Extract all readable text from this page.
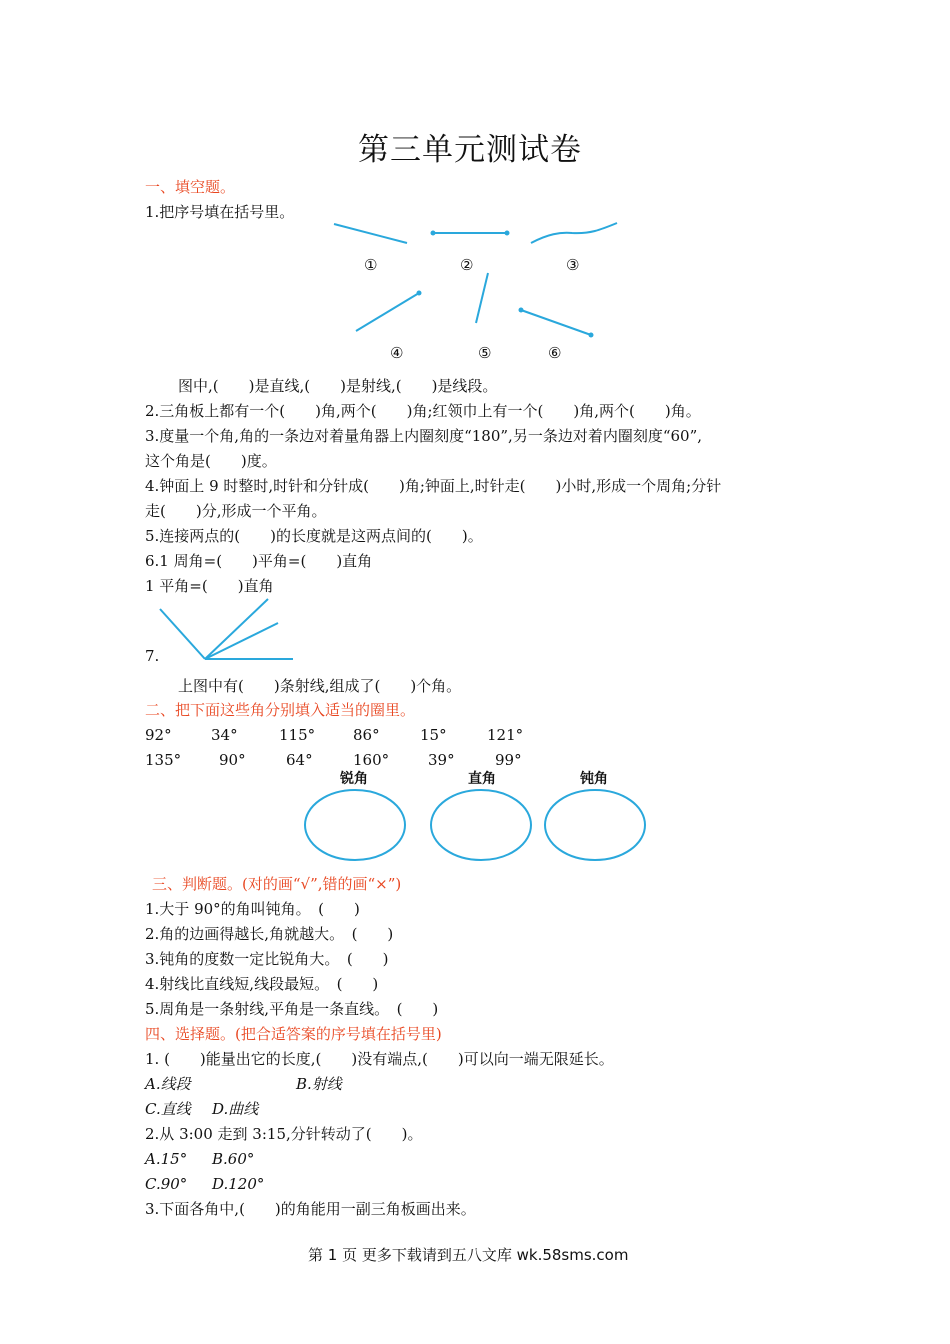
第三单元测试卷
一、填空题。
1.把序号填在括号里。
①	②	③
④	⑤	⑥
图中,(　　)是直线,(　　)是射线,(　　)是线段。
2.三角板上都有一个(　　)角,两个(　　)角;红领巾上有一个(　　)角,两个(　　)角。
3.度量一个角,角的一条边对着量角器上内圈刻度“180”,另一条边对着内圈刻度“60”,
这个角是(　　)度。
4.钟面上 9 时整时,时针和分针成(　　)角;钟面上,时针走(　　)小时,形成一个周角;分针
走(　　)分,形成一个平角。
5.连接两点的(　　)的长度就是这两点间的(　　)。
6.1 周角=(　　)平角=(　　)直角
1 平角=(　　)直角
7.
上图中有(　　)条射线,组成了(　　)个角。
二、把下面这些角分别填入适当的圈里。
92°	34°	115°	86°	15°	121°
135°	90°	64°	160°	39°	99°
锐角	直角	钝角
三、判断题。(对的画“√”,错的画“×”)
1.大于 90°的角叫钝角。　(　　)
2.角的边画得越长,角就越大。　(　　)
3.钝角的度数一定比锐角大。　(　　)
4.射线比直线短,线段最短。　(　　)
5.周角是一条射线,平角是一条直线。　(　　)
四、选择题。(把合适答案的序号填在括号里)
1. (　　)能量出它的长度,(　　)没有端点,(　　)可以向一端无限延长。
A.线段	B.射线
C.直线 D.曲线
2.从 3:00 走到 3:15,分针转动了(　　)。
A.15° B.60°
C.90° D.120°
3.下面各角中,(　　)的角能用一副三角板画出来。
第 1 页 更多下载请到五八文库 wk.58sms.com
